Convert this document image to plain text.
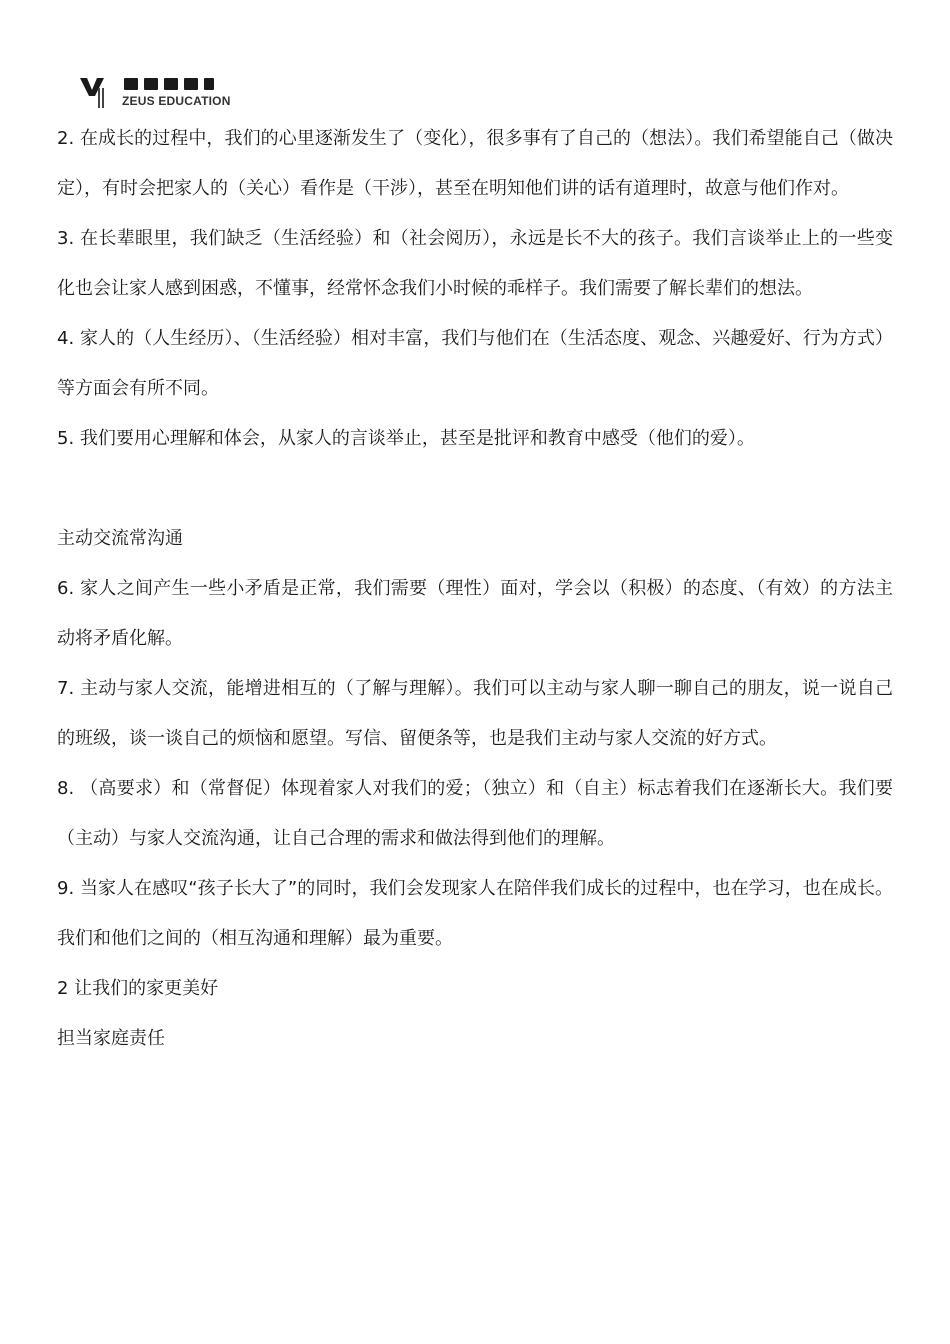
ZEUS EDUCATION

2. 在成长的过程中，我们的心里逐渐发生了（变化），很多事有了自己的（想法）。我们希望能自己（做决定），有时会把家人的（关心）看作是（干涉），甚至在明知他们讲的话有道理时，故意与他们作对。

3. 在长辈眼里，我们缺乏（生活经验）和（社会阅历），永远是长不大的孩子。我们言谈举止上的一些变化也会让家人感到困惑，不懂事，经常怀念我们小时候的乖样子。我们需要了解长辈们的想法。

4. 家人的（人生经历）、（生活经验）相对丰富，我们与他们在（生活态度、观念、兴趣爱好、行为方式）等方面会有所不同。

5. 我们要用心理解和体会，从家人的言谈举止，甚至是批评和教育中感受（他们的爱）。

主动交流常沟通

6. 家人之间产生一些小矛盾是正常，我们需要（理性）面对，学会以（积极）的态度、（有效）的方法主动将矛盾化解。

7. 主动与家人交流，能增进相互的（了解与理解）。我们可以主动与家人聊一聊自己的朋友，说一说自己的班级，谈一谈自己的烦恼和愿望。写信、留便条等，也是我们主动与家人交流的好方式。

8. （高要求）和（常督促）体现着家人对我们的爱；（独立）和（自主）标志着我们在逐渐长大。我们要（主动）与家人交流沟通，让自己合理的需求和做法得到他们的理解。

9. 当家人在感叹“孩子长大了”的同时，我们会发现家人在陪伴我们成长的过程中，也在学习，也在成长。我们和他们之间的（相互沟通和理解）最为重要。

2 让我们的家更美好

担当家庭责任
